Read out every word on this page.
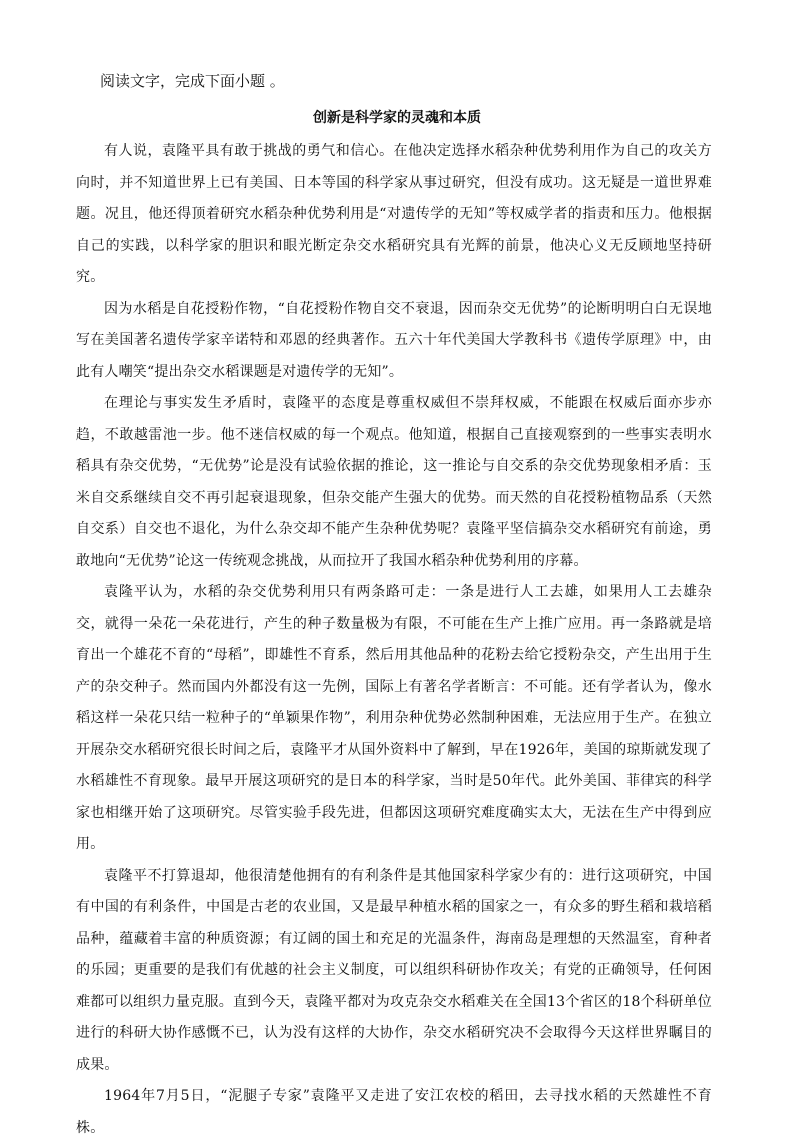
阅读文字，完成下面小题 。

创新是科学家的灵魂和本质

有人说，袁隆平具有敢于挑战的勇气和信心。在他决定选择水稻杂种优势利用作为自己的攻关方向时，并不知道世界上已有美国、日本等国的科学家从事过研究，但没有成功。这无疑是一道世界难题。况且，他还得顶着研究水稻杂种优势利用是“对遗传学的无知”等权威学者的指责和压力。他根据自己的实践，以科学家的胆识和眼光断定杂交水稻研究具有光辉的前景，他决心义无反顾地坚持研究。

因为水稻是自花授粉作物，“自花授粉作物自交不衰退，因而杂交无优势”的论断明明白白无误地写在美国著名遗传学家辛诺特和邓恩的经典著作。五六十年代美国大学教科书《遗传学原理》中，由此有人嘲笑“提出杂交水稻课题是对遗传学的无知”。

在理论与事实发生矛盾时，袁隆平的态度是尊重权威但不崇拜权威，不能跟在权威后面亦步亦趋，不敢越雷池一步。他不迷信权威的每一个观点。他知道，根据自己直接观察到的一些事实表明水稻具有杂交优势，“无优势”论是没有试验依据的推论，这一推论与自交系的杂交优势现象相矛盾：玉米自交系继续自交不再引起衰退现象，但杂交能产生强大的优势。而天然的自花授粉植物品系（天然自交系）自交也不退化，为什么杂交却不能产生杂种优势呢？袁隆平坚信搞杂交水稻研究有前途，勇敢地向“无优势”论这一传统观念挑战，从而拉开了我国水稻杂种优势利用的序幕。

袁隆平认为，水稻的杂交优势利用只有两条路可走：一条是进行人工去雄，如果用人工去雄杂交，就得一朵花一朵花进行，产生的种子数量极为有限，不可能在生产上推广应用。再一条路就是培育出一个雄花不育的“母稻”，即雄性不育系，然后用其他品种的花粉去给它授粉杂交，产生出用于生产的杂交种子。然而国内外都没有这一先例，国际上有著名学者断言：不可能。还有学者认为，像水稻这样一朵花只结一粒种子的“单颖果作物”，利用杂种优势必然制种困难，无法应用于生产。在独立开展杂交水稻研究很长时间之后，袁隆平才从国外资料中了解到，早在1926年，美国的琼斯就发现了水稻雄性不育现象。最早开展这项研究的是日本的科学家，当时是50年代。此外美国、菲律宾的科学家也相继开始了这项研究。尽管实验手段先进，但都因这项研究难度确实太大，无法在生产中得到应用。

袁隆平不打算退却，他很清楚他拥有的有利条件是其他国家科学家少有的：进行这项研究，中国有中国的有利条件，中国是古老的农业国，又是最早种植水稻的国家之一，有众多的野生稻和栽培稻品种，蕴藏着丰富的种质资源；有辽阔的国土和充足的光温条件，海南岛是理想的天然温室，育种者的乐园；更重要的是我们有优越的社会主义制度，可以组织科研协作攻关；有党的正确领导，任何困难都可以组织力量克服。直到今天，袁隆平都对为攻克杂交水稻难关在全国13个省区的18个科研单位进行的科研大协作感慨不已，认为没有这样的大协作，杂交水稻研究决不会取得今天这样世界瞩目的成果。

1964年7月5日，“泥腿子专家”袁隆平又走进了安江农校的稻田，去寻找水稻的天然雄性不育株。
